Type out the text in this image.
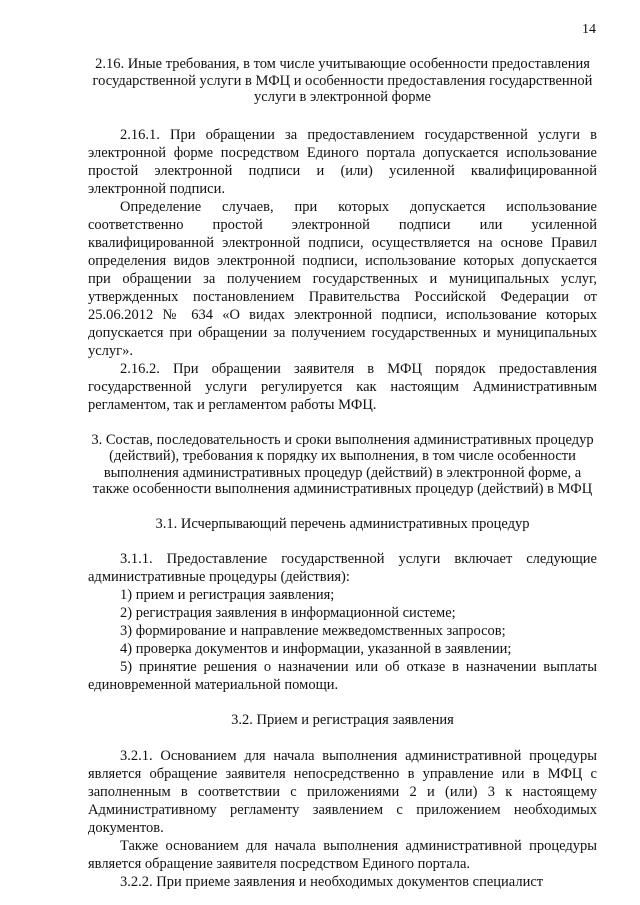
14

2.16. Иные требования, в том числе учитывающие особенности предоставления государственной услуги в МФЦ и особенности предоставления государственной услуги в электронной форме

2.16.1. При обращении за предоставлением государственной услуги в электронной форме посредством Единого портала допускается использование простой электронной подписи и (или) усиленной квалифицированной электронной подписи.

Определение случаев, при которых допускается использование соответственно простой электронной подписи или усиленной квалифицированной электронной подписи, осуществляется на основе Правил определения видов электронной подписи, использование которых допускается при обращении за получением государственных и муниципальных услуг, утвержденных постановлением Правительства Российской Федерации от 25.06.2012 № 634 «О видах электронной подписи, использование которых допускается при обращении за получением государственных и муниципальных услуг».

2.16.2. При обращении заявителя в МФЦ порядок предоставления государственной услуги регулируется как настоящим Административным регламентом, так и регламентом работы МФЦ.

3. Состав, последовательность и сроки выполнения административных процедур (действий), требования к порядку их выполнения, в том числе особенности выполнения административных процедур (действий) в электронной форме, а также особенности выполнения административных процедур (действий) в МФЦ

3.1. Исчерпывающий перечень административных процедур

3.1.1. Предоставление государственной услуги включает следующие административные процедуры (действия):

1) прием и регистрация заявления;

2) регистрация заявления в информационной системе;

3) формирование и направление межведомственных запросов;

4) проверка документов и информации, указанной в заявлении;

5) принятие решения о назначении или об отказе в назначении выплаты единовременной материальной помощи.

3.2. Прием и регистрация заявления

3.2.1. Основанием для начала выполнения административной процедуры является обращение заявителя непосредственно в управление или в МФЦ с заполненным в соответствии с приложениями 2 и (или) 3 к настоящему Административному регламенту заявлением с приложением необходимых документов.

Также основанием для начала выполнения административной процедуры является обращение заявителя посредством Единого портала.

3.2.2. При приеме заявления и необходимых документов специалист
